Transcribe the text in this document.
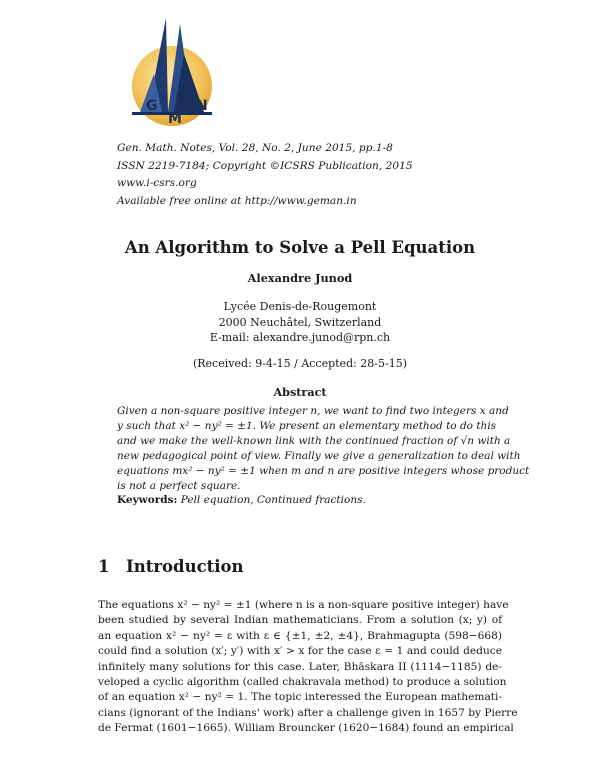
G
M
N
Gen. Math. Notes, Vol. 28, No. 2, June 2015, pp.1-8
ISSN 2219-7184; Copyright ©ICSRS Publication, 2015
www.i-csrs.org
Available free online at http://www.geman.in
An Algorithm to Solve a Pell Equation
Alexandre Junod
Lycée Denis-de-Rougemont
2000 Neuchâtel, Switzerland
E-mail: alexandre.junod@rpn.ch
(Received: 9-4-15 / Accepted: 28-5-15)
Abstract
Given a non-square positive integer n, we want to find two integers x and
y such that x² − ny² = ±1. We present an elementary method to do this
and we make the well-known link with the continued fraction of √n with a
new pedagogical point of view. Finally we give a generalization to deal with
equations mx² − ny² = ±1 when m and n are positive integers whose product
is not a perfect square.
Keywords: Pell equation, Continued fractions.
1 Introduction
The equations x² − ny² = ±1 (where n is a non-square positive integer) have
been studied by several Indian mathematicians. From a solution (x; y) of
an equation x² − ny² = ε with ε ∈ {±1, ±2, ±4}, Brahmagupta (598−668)
could find a solution (x′; y′) with x′ > x for the case ε = 1 and could deduce
infinitely many solutions for this case. Later, Bhāskara II (1114−1185) de-
veloped a cyclic algorithm (called chakravala method) to produce a solution
of an equation x² − ny² = 1. The topic interessed the European mathemati-
cians (ignorant of the Indians' work) after a challenge given in 1657 by Pierre
de Fermat (1601−1665). William Brouncker (1620−1684) found an empirical
